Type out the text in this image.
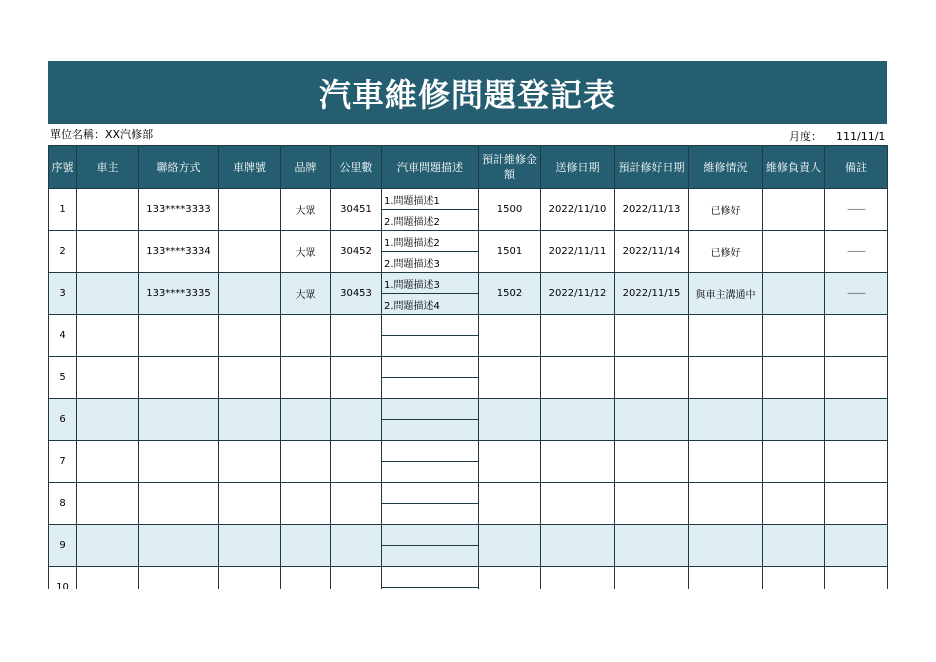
汽車維修問題登記表
單位名稱：XX汽修部	月度： 111/11/1
序號	車主	聯絡方式	車牌號	品牌	公里數	汽車問題描述	預計維修金額	送修日期	預計修好日期	維修情況	維修負責人	備註
1		133****3333		大眾	30451	1.問題描述1	1500	2022/11/10	2022/11/13	已修好		——
						2.問題描述2						
2		133****3334		大眾	30452	1.問題描述2	1501	2022/11/11	2022/11/14	已修好		——
						2.問題描述3						
3		133****3335		大眾	30453	1.問題描述3	1502	2022/11/12	2022/11/15	與車主溝通中		——
						2.問題描述4						
4												

5												

6												

7												

8												

9												

10												
